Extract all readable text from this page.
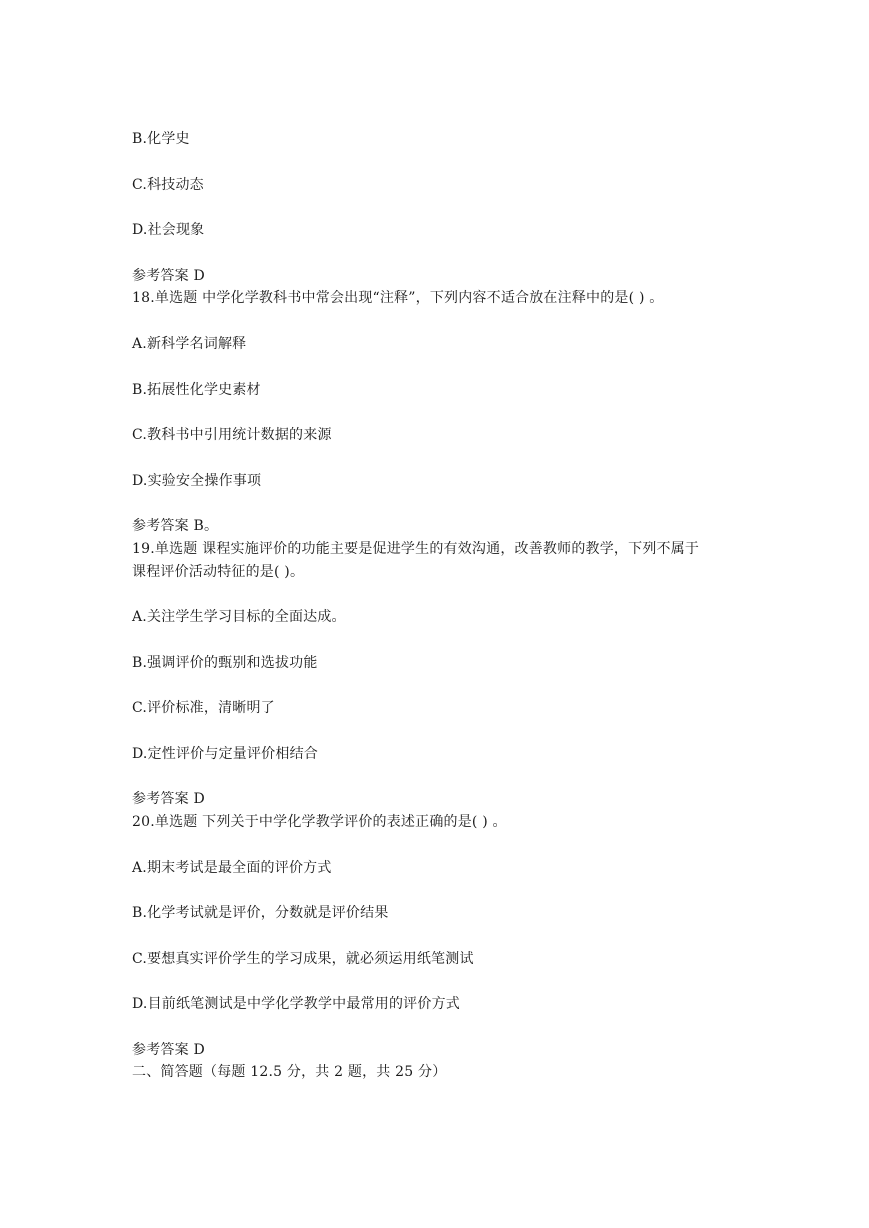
B.化学史
C.科技动态
D.社会现象
参考答案 D
18.单选题 中学化学教科书中常会出现“注释”，下列内容不适合放在注释中的是( ) 。
A.新科学名词解释
B.拓展性化学史素材
C.教科书中引用统计数据的来源
D.实验安全操作事项
参考答案 B。
19.单选题 课程实施评价的功能主要是促进学生的有效沟通，改善教师的教学，下列不属于
课程评价活动特征的是( )。
A.关注学生学习目标的全面达成。
B.强调评价的甄别和选拔功能
C.评价标准，清晰明了
D.定性评价与定量评价相结合
参考答案 D
20.单选题 下列关于中学化学教学评价的表述正确的是( ) 。
A.期末考试是最全面的评价方式
B.化学考试就是评价，分数就是评价结果
C.要想真实评价学生的学习成果，就必须运用纸笔测试
D.目前纸笔测试是中学化学教学中最常用的评价方式
参考答案 D
二、简答题（每题 12.5 分，共 2 题，共 25 分）
